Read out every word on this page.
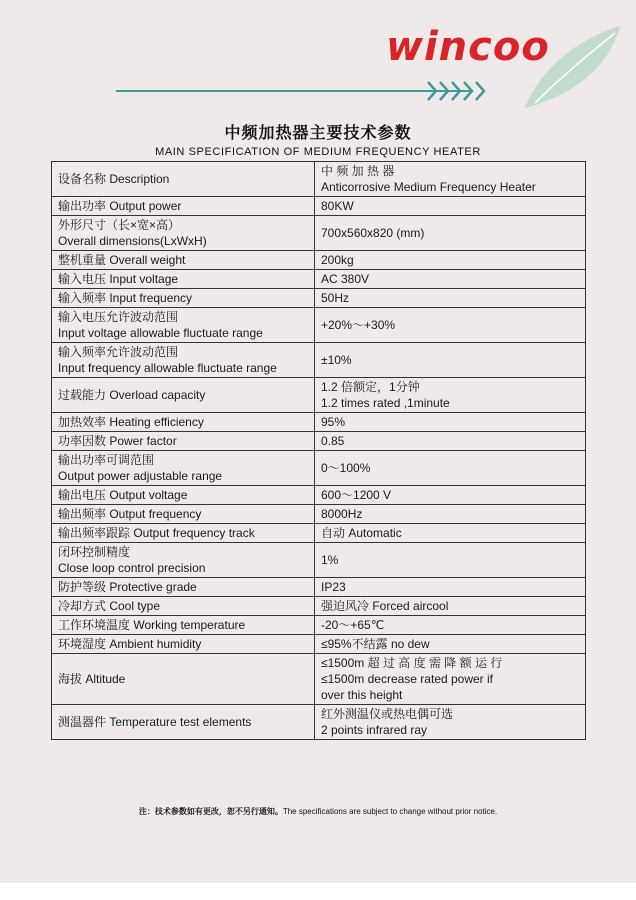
wincoo
中频加热器主要技术参数
MAIN SPECIFICATION OF MEDIUM FREQUENCY HEATER
设备名称 Description	中 频 加 热 器
Anticorrosive Medium Frequency Heater

输出功率 Output power	80KW

外形尺寸（长×宽×高）
Overall dimensions(LxWxH)	700x560x820 (mm)

整机重量 Overall weight	200kg

输入电压 Input voltage	AC 380V

输入频率 Input frequency	50Hz

输入电压允许波动范围
Input voltage allowable fluctuate range	+20%～+30%

输入频率允许波动范围
Input frequency allowable fluctuate range	±10%

过载能力 Overload capacity	1.2 倍额定，1分钟
1.2 times rated ,1minute

加热效率 Heating efficiency	95%

功率因数 Power factor	0.85

输出功率可调范围
Output power adjustable range	0～100%

输出电压 Output voltage	600～1200 V

输出频率 Output frequency	8000Hz

输出频率跟踪 Output frequency track	自动 Automatic

闭环控制精度
Close loop control precision	1%

防护等级 Protective grade	IP23

冷却方式 Cool type	强迫风冷 Forced aircool

工作环境温度 Working temperature	-20～+65℃

环境湿度 Ambient humidity	≤95%不结露 no dew

海拔 Altitude	≤1500m 超 过 高 度 需 降 额 运 行
≤1500m decrease rated power if
over this height

测温器件 Temperature test elements	红外测温仪或热电偶可选
2 points infrared ray
注：技术参数如有更改，恕不另行通知。The specifications are subject to change without prior notice.
